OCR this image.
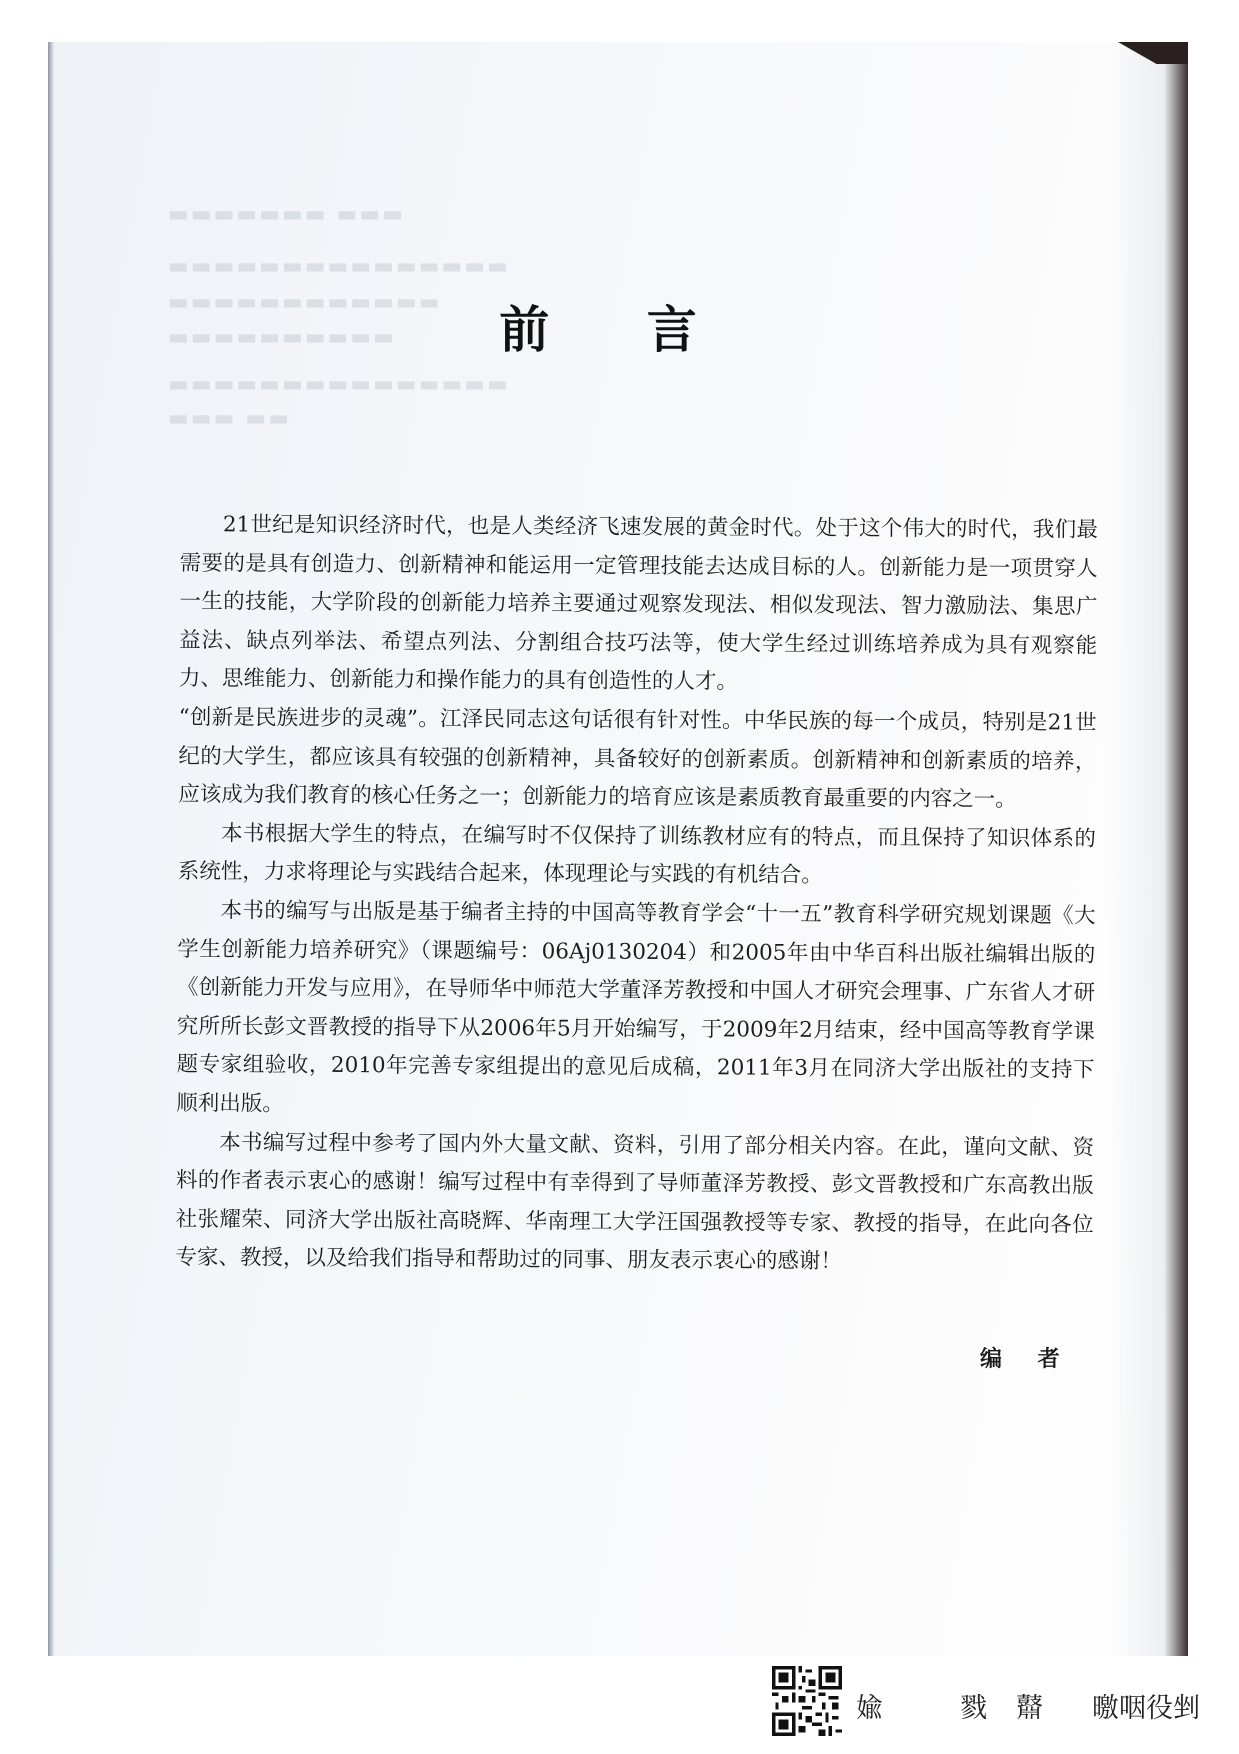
▬▬▬ ▬▬▬▬▬▬▬
▬▬▬▬▬▬▬▬▬▬▬▬▬▬▬
▬▬▬▬▬▬▬▬▬▬▬▬
▬▬▬▬▬▬▬▬▬▬
▬▬▬▬▬▬▬▬▬▬▬▬▬▬▬
▬▬ ▬▬▬
前 言

21世纪是知识经济时代，也是人类经济飞速发展的黄金时代。处于这个伟大的时代，我们最需要的是具有创造力、创新精神和能运用一定管理技能去达成目标的人。创新能力是一项贯穿人一生的技能，大学阶段的创新能力培养主要通过观察发现法、相似发现法、智力激励法、集思广益法、缺点列举法、希望点列法、分割组合技巧法等，使大学生经过训练培养成为具有观察能力、思维能力、创新能力和操作能力的具有创造性的人才。

“创新是民族进步的灵魂”。江泽民同志这句话很有针对性。中华民族的每一个成员，特别是21世纪的大学生，都应该具有较强的创新精神，具备较好的创新素质。创新精神和创新素质的培养，应该成为我们教育的核心任务之一；创新能力的培育应该是素质教育最重要的内容之一。

本书根据大学生的特点，在编写时不仅保持了训练教材应有的特点，而且保持了知识体系的系统性，力求将理论与实践结合起来，体现理论与实践的有机结合。

本书的编写与出版是基于编者主持的中国高等教育学会“十一五”教育科学研究规划课题《大学生创新能力培养研究》（课题编号：06Aj0130204）和2005年由中华百科出版社编辑出版的《创新能力开发与应用》，在导师华中师范大学董泽芳教授和中国人才研究会理事、广东省人才研究所所长彭文晋教授的指导下从2006年5月开始编写，于2009年2月结束，经中国高等教育学课题专家组验收，2010年完善专家组提出的意见后成稿，2011年3月在同济大学出版社的支持下顺利出版。

本书编写过程中参考了国内外大量文献、资料，引用了部分相关内容。在此，谨向文献、资料的作者表示衷心的感谢！编写过程中有幸得到了导师董泽芳教授、彭文晋教授和广东高教出版社张耀荣、同济大学出版社高晓辉、华南理工大学汪国强教授等专家、教授的指导，在此向各位专家、教授，以及给我们指导和帮助过的同事、朋友表示衷心的感谢！

编 者
婾	戮 鼘 曒咽役剉
